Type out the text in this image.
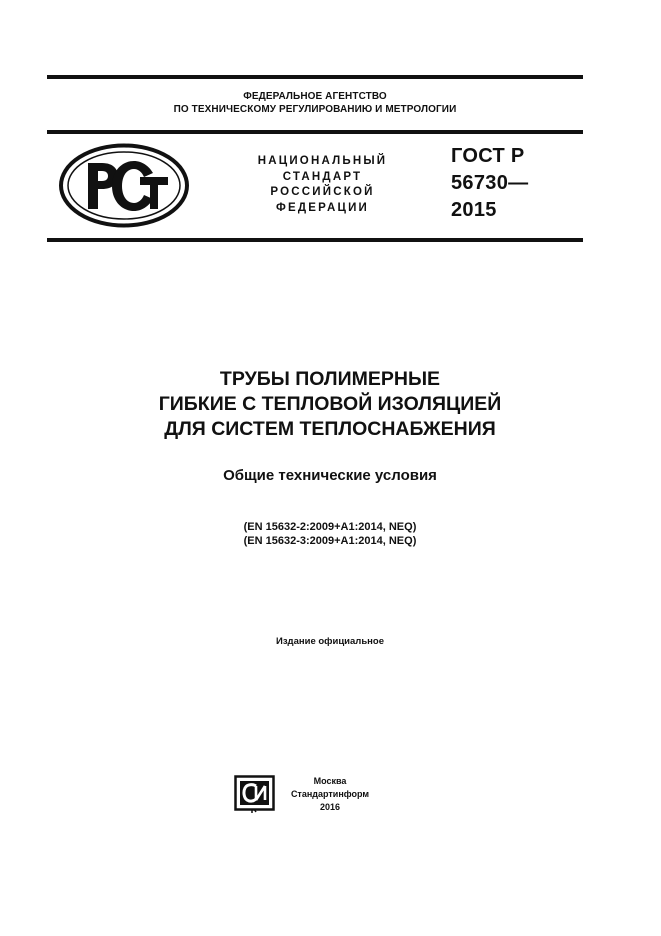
ФЕДЕРАЛЬНОЕ АГЕНТСТВО
ПО ТЕХНИЧЕСКОМУ РЕГУЛИРОВАНИЮ И МЕТРОЛОГИИ
НАЦИОНАЛЬНЫЙ
СТАНДАРТ
РОССИЙСКОЙ
ФЕДЕРАЦИИ
ГОСТ Р
56730—
2015
ТРУБЫ ПОЛИМЕРНЫЕ
ГИБКИЕ С ТЕПЛОВОЙ ИЗОЛЯЦИЕЙ
ДЛЯ СИСТЕМ ТЕПЛОСНАБЖЕНИЯ
Общие технические условия
(EN 15632-2:2009+A1:2014, NEQ)
(EN 15632-3:2009+A1:2014, NEQ)
Издание официальное
Москва
Стандартинформ
2016
